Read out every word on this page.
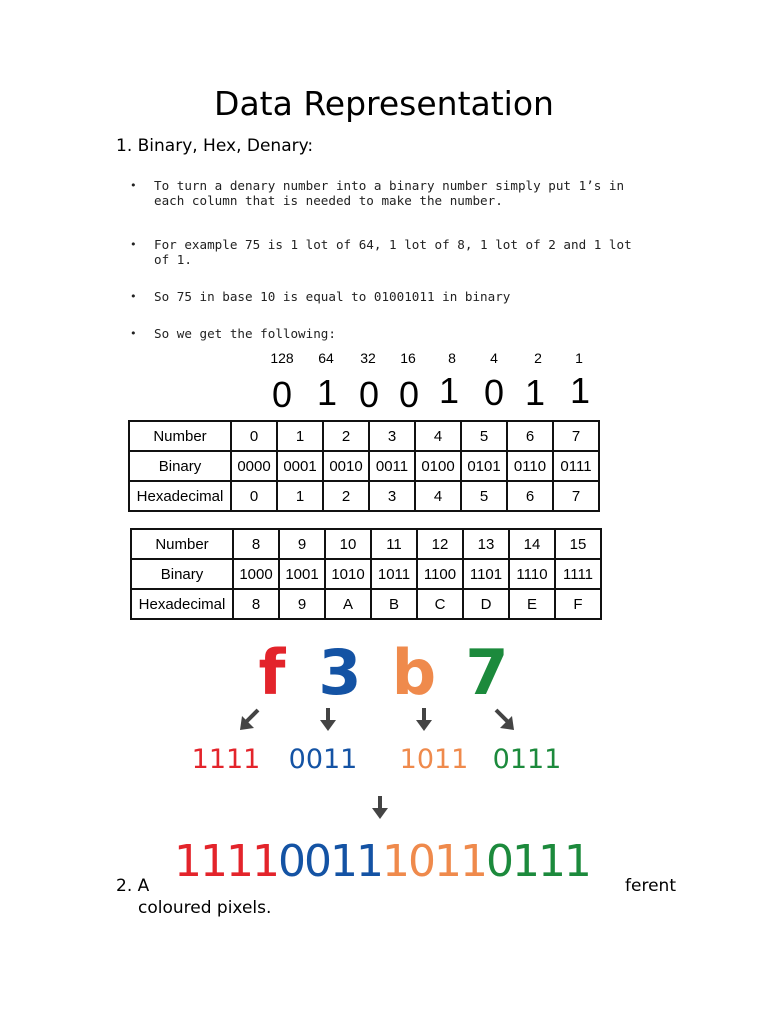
Data Representation

1. Binary, Hex, Denary:

• To turn a denary number into a binary number simply put 1’s in each column that is needed to make the number.
• For example 75 is 1 lot of 64, 1 lot of 8, 1 lot of 2 and 1 lot of 1.
• So 75 in base 10 is equal to 01001011 in binary
• So we get the following:
128 64 32 16 8 4	2 1
0 1 0 0 1 0 1 1
Number	0	1	2	3	4	5	6	7
Binary	0000	0001	0010	0011	0100	0101	0110	0111
Hexadecimal	0	1	2	3	4	5	6	7
Number	8	9	10	11	12	13	14	15
Binary	1000	1001	1010	1011	1100	1101	1110	1111
Hexadecimal	8	9	A	B	C	D	E	F
f 3 b 7
1111 0011 1011 0111
2. A	ferent
coloured pixels.
1111001110110111
